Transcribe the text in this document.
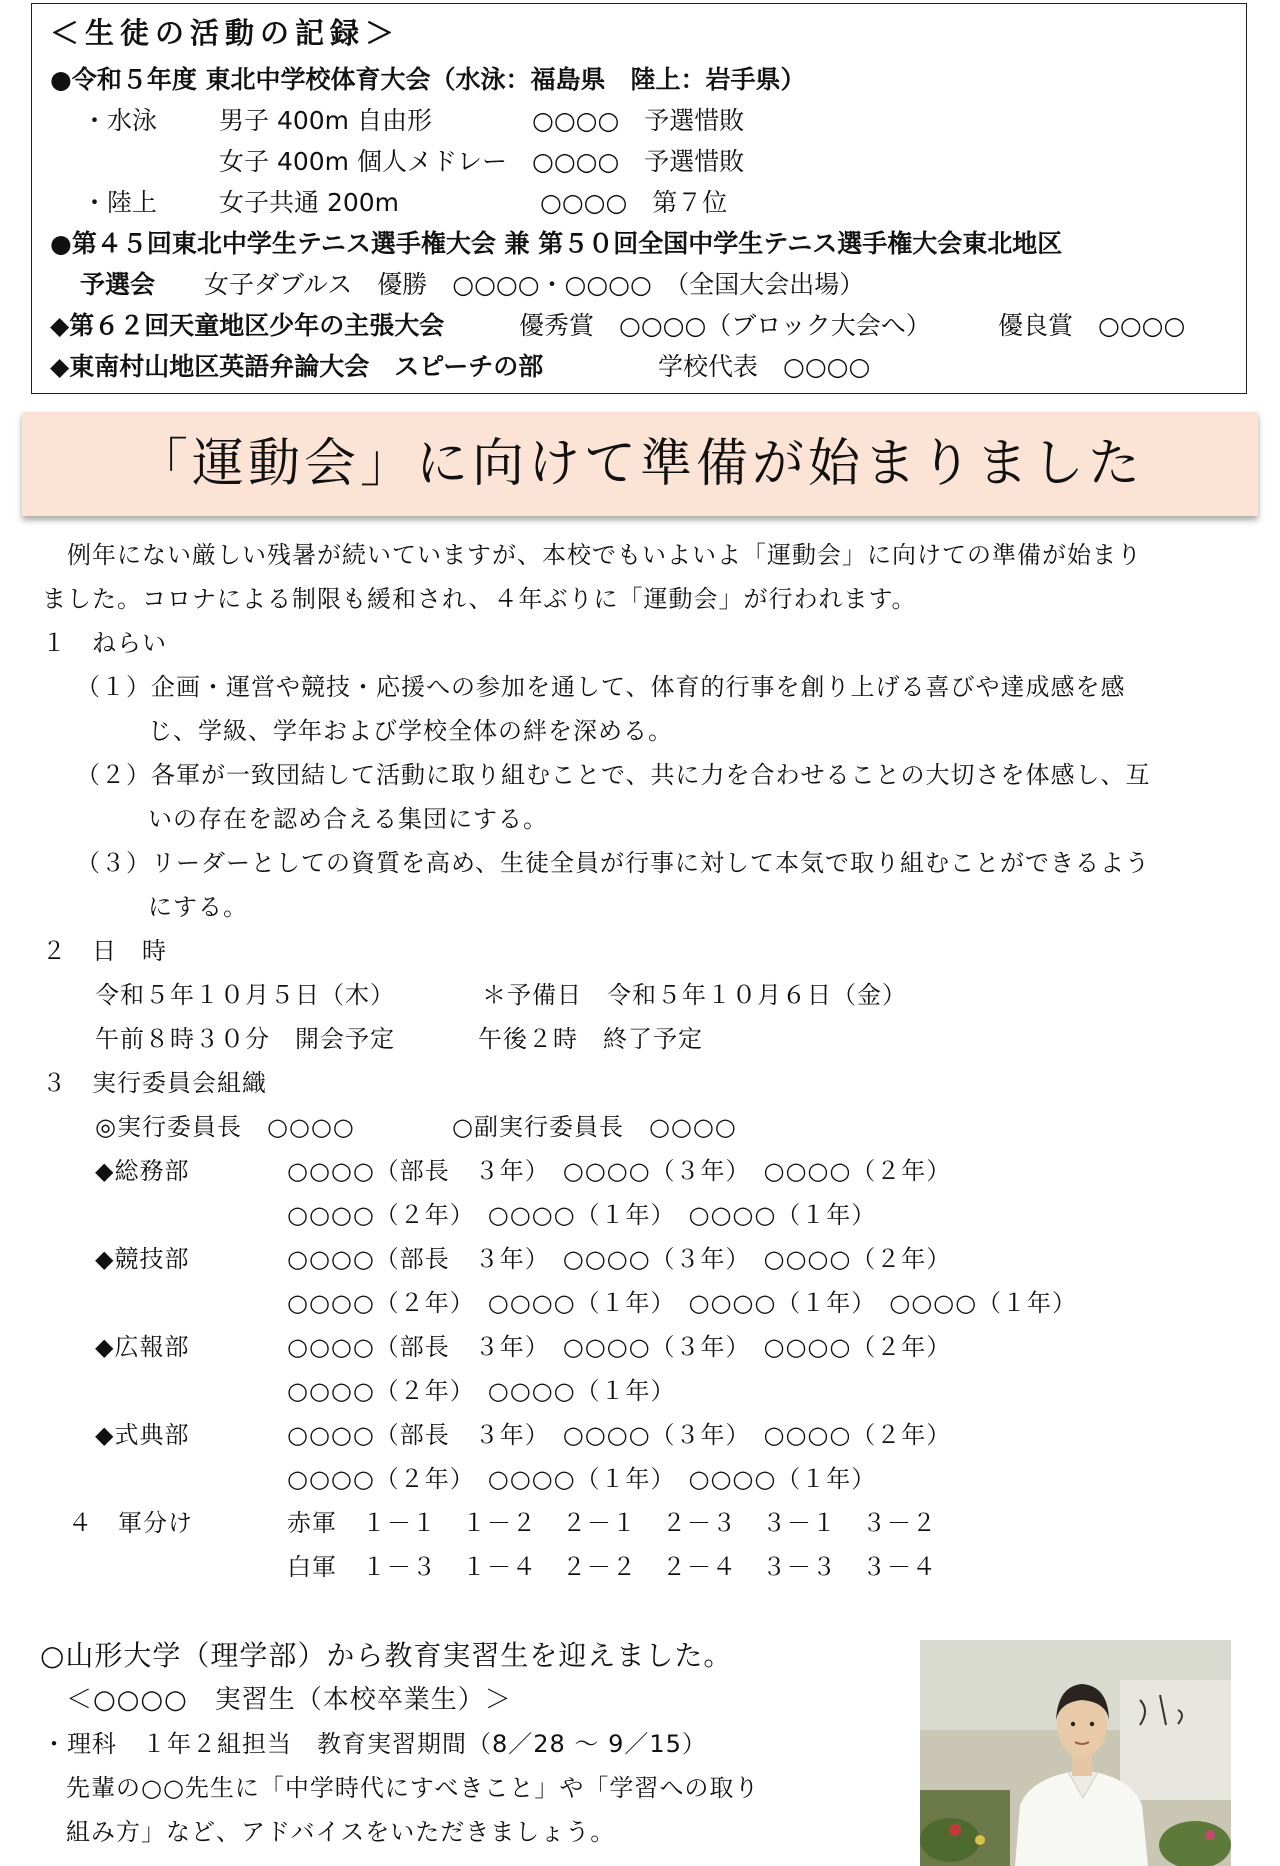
＜生徒の活動の記録＞
●令和５年度 東北中学校体育大会（水泳：福島県　陸上：岩手県）
・水泳 男子 400m 自由形	○○○○　予選惜敗
女子 400m 個人メドレー ○○○○　予選惜敗
・陸上 女子共通 200m	○○○○　第７位
●第４５回東北中学生テニス選手権大会 兼 第５０回全国中学生テニス選手権大会東北地区
予選会 女子ダブルス　優勝　○○○○・○○○○　（全国大会出場）
◆第６２回天童地区少年の主張大会	優秀賞　○○○○（ブロック大会へ）	優良賞　○○○○
◆東南村山地区英語弁論大会　スピーチの部	学校代表　○○○○
「運動会」に向けて準備が始まりました
　例年にない厳しい残暑が続いていますが、本校でもいよいよ「運動会」に向けての準備が始まり
ました。コロナによる制限も緩和され、４年ぶりに「運動会」が行われます。
１　ねらい
（１）企画・運営や競技・応援への参加を通して、体育的行事を創り上げる喜びや達成感を感
じ、学級、学年および学校全体の絆を深める。
（２）各軍が一致団結して活動に取り組むことで、共に力を合わせることの大切さを体感し、互
いの存在を認め合える集団にする。
（３）リーダーとしての資質を高め、生徒全員が行事に対して本気で取り組むことができるよう
にする。
２　日　時
令和５年１０月５日（木）	＊予備日　令和５年１０月６日（金）
午前８時３０分　開会予定	午後２時　終了予定
３　実行委員会組織
◎実行委員長　○○○○	○副実行委員長　○○○○
◆総務部	○○○○（部長　３年）　○○○○（３年）　○○○○（２年）
○○○○（２年）　○○○○（１年）　○○○○（１年）
◆競技部	○○○○（部長　３年）　○○○○（３年）　○○○○（２年）
○○○○（２年）　○○○○（１年）　○○○○（１年）　○○○○（１年）
◆広報部	○○○○（部長　３年）　○○○○（３年）　○○○○（２年）
○○○○（２年）　○○○○（１年）
◆式典部	○○○○（部長　３年）　○○○○（３年）　○○○○（２年）
○○○○（２年）　○○○○（１年）　○○○○（１年）
４　軍分け	赤軍　１－１　１－２　２－１　２－３　３－１　３－２
白軍　１－３　１－４　２－２　２－４　３－３　３－４
○山形大学（理学部）から教育実習生を迎えました。
＜○○○○　実習生（本校卒業生）＞
・理科　１年２組担当　教育実習期間（8／28 ～ 9／15）
先輩の○○先生に「中学時代にすべきこと」や「学習への取り
組み方」など、アドバイスをいただきましょう。
